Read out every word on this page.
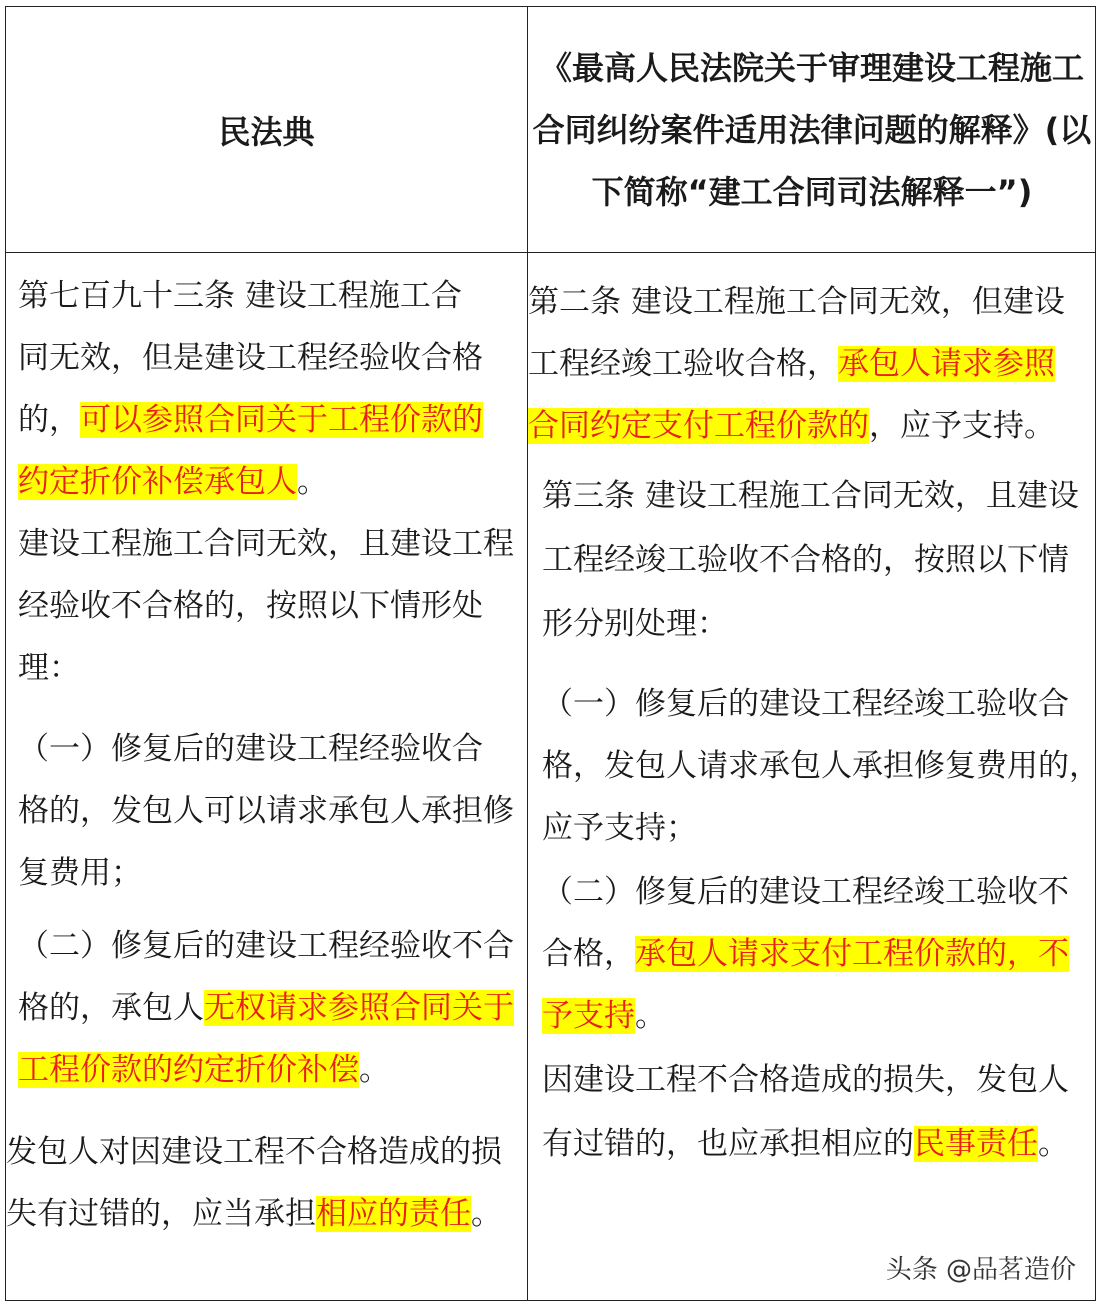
民法典
《最高人民法院关于审理建设工程施工
合同纠纷案件适用法律问题的解释》(以
下简称“建工合同司法解释一”)

第七百九十三条 建设工程施工合

同无效，但是建设工程经验收合格

的，可以参照合同关于工程价款的

约定折价补偿承包人。

建设工程施工合同无效，且建设工程

经验收不合格的，按照以下情形处

理：

（一）修复后的建设工程经验收合

格的，发包人可以请求承包人承担修

复费用；

（二）修复后的建设工程经验收不合

格的，承包人无权请求参照合同关于

工程价款的约定折价补偿。

发包人对因建设工程不合格造成的损

失有过错的，应当承担相应的责任。

第二条 建设工程施工合同无效，但建设

工程经竣工验收合格，承包人请求参照

合同约定支付工程价款的，应予支持。

第三条 建设工程施工合同无效，且建设

工程经竣工验收不合格的，按照以下情

形分别处理：

（一）修复后的建设工程经竣工验收合

格，发包人请求承包人承担修复费用的，

应予支持；

（二）修复后的建设工程经竣工验收不

合格，承包人请求支付工程价款的，不

予支持。

因建设工程不合格造成的损失，发包人

有过错的，也应承担相应的民事责任。

头条 @品茗造价
